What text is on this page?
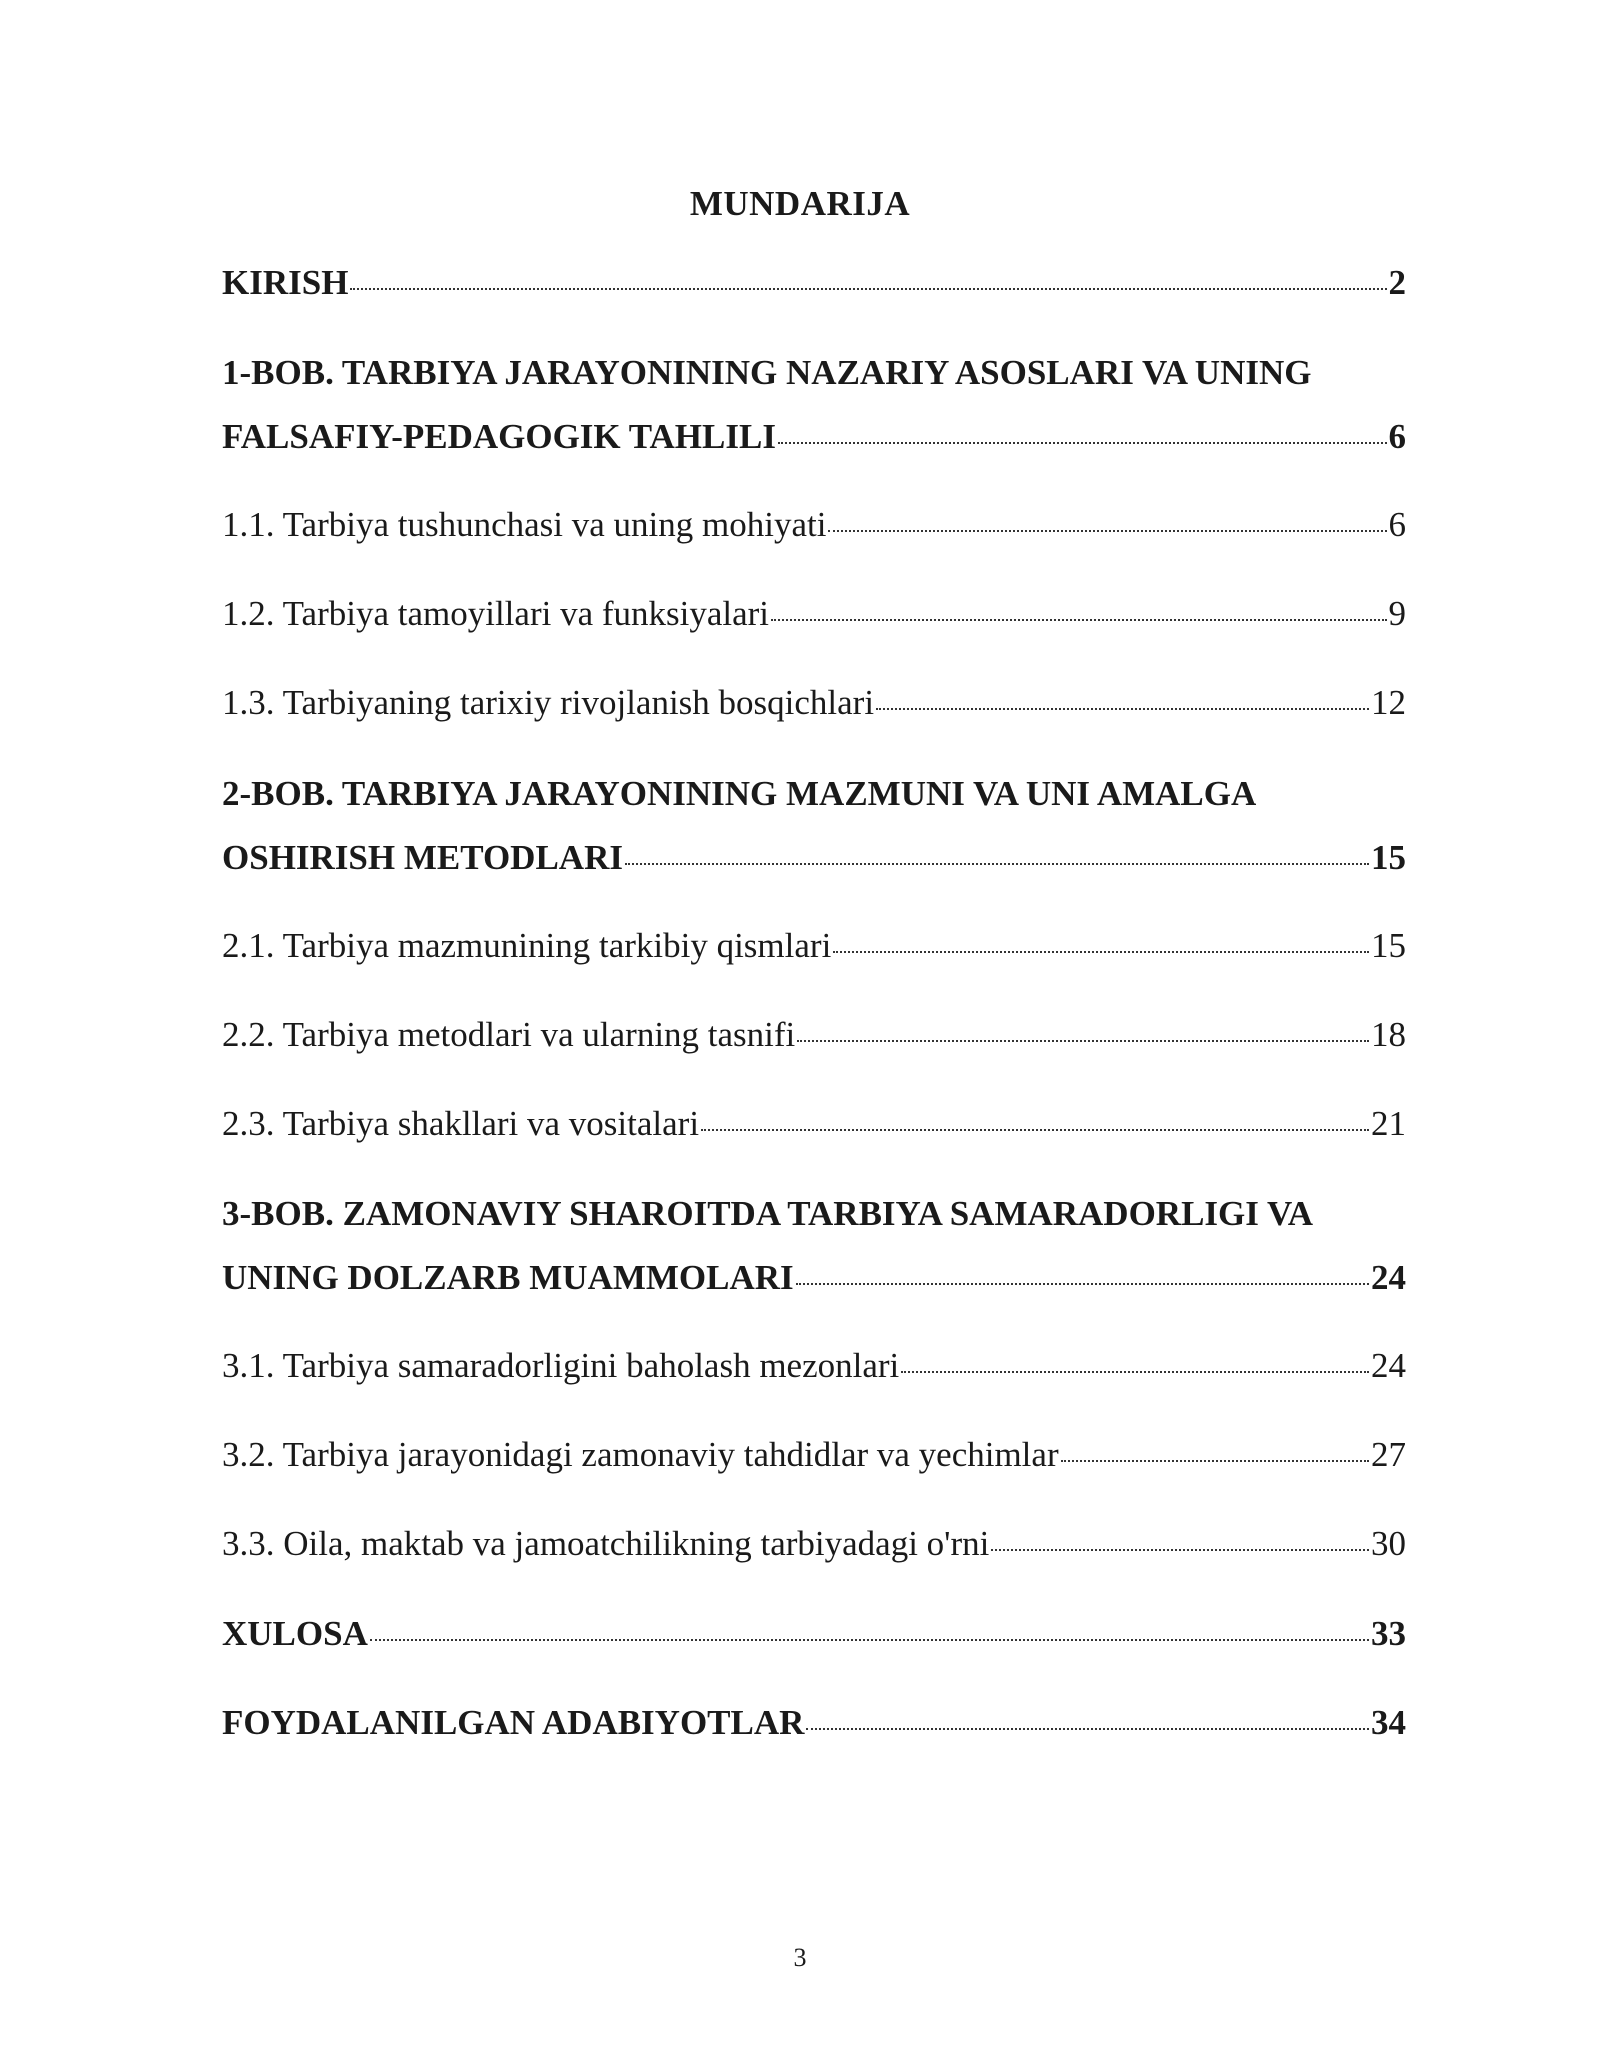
MUNDARIJA
KIRISH	2
1-BOB. TARBIYA JARAYONINING NAZARIY ASOSLARI VA UNING
FALSAFIY-PEDAGOGIK TAHLILI	6
1.1. Tarbiya tushunchasi va uning mohiyati	6
1.2. Tarbiya tamoyillari va funksiyalari	9
1.3. Tarbiyaning tarixiy rivojlanish bosqichlari	12
2-BOB. TARBIYA JARAYONINING MAZMUNI VA UNI AMALGA
OSHIRISH METODLARI	15
2.1. Tarbiya mazmunining tarkibiy qismlari	15
2.2. Tarbiya metodlari va ularning tasnifi	18
2.3. Tarbiya shakllari va vositalari	21
3-BOB. ZAMONAVIY SHAROITDA TARBIYA SAMARADORLIGI VA
UNING DOLZARB MUAMMOLARI	24
3.1. Tarbiya samaradorligini baholash mezonlari	24
3.2. Tarbiya jarayonidagi zamonaviy tahdidlar va yechimlar	27
3.3. Oila, maktab va jamoatchilikning tarbiyadagi o'rni	30
XULOSA	33
FOYDALANILGAN ADABIYOTLAR	34
3
